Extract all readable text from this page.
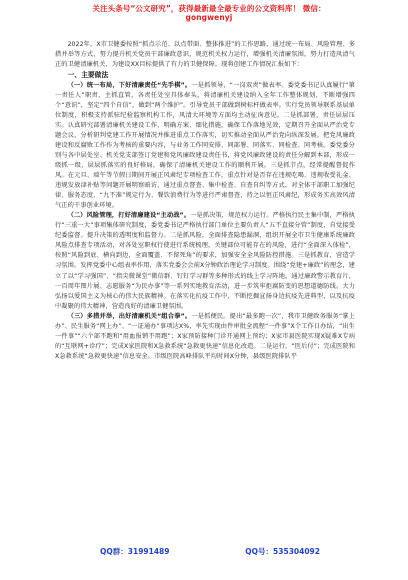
关注头条号“公文研究”，获得最新最全最专业的公文资料库！ 微信：gongwenyj

2022年，X市卫健委按照“抓点示范、以点带面、整体推进”的工作思路，通过统一布局、风险管理、多措并举等方式，努力提升机关党员干部廉政意识，规范机关权力运行，增强机关清廉氛围，努力打造风清气正的卫健清廉机关，为建设XX目标提供了有力的卫健保障。现将创建工作情况汇报如下：

一、主要做法

（一）统一布局，下好清廉责任“先手棋”。一是抓领导，“一岗双责”做表率。委党委书记认真履行“第一责任人”职责，主抓直管，各责任处室具体奉头，将清廉机关建设纳入全年工作整体规划，不断增强四个“意识”，坚定“四个自信”，做到“两个维护”。引导党员干部做到树标杆做表率。实行党员领导联系基层单位制度，积极支持派驻纪检监察机构工作，风清大环境等方面均主动征询意见。二是抓部署，责任层层压实。认真研究部署清廉机关建设工作，明确方案、细化措施，确保工作落地见效，定期召开全面从严治党专题会议，分析研判党建工作开展情况并推进重点工作落实，切实推动全面从严治党向纵深发展。把党风廉政建设和反腐败工作作为考核的重要内容，与业务工作同安排、同部署、同落实、同检查、同考核。委党委分别与各中层处室、机关党支部签订党建和党风廉政建设责任书，将党风廉政建设的责任分解到本部，形成一级抓一级、层层抓落实的良好格局，确保了清廉机关建设工作的顺利开展。三是抓节点，经常提醒督促作风。在元旦、端午等节假日期间开展正风肃纪专项检查工作，重点针对是否存在违规吃喝、违规收受礼金、违规发放津补贴等问题开展明察暗访，通过重点督查、集中检查、自查自纠等方式，对全体干部职工加强纪律、服务态度、“九不准”规定行为、餐饮浪费行为等进行严肃督查，持之以恒正风肃纪，形成务实高效风清气正的干事创业环境。

（二）风险管理，打好清廉建设“主动战”。一是抓决策，规范权力运行。严格执行民主集中制，严格执行“三重一大”事项集体研究制度，委党委书记严格执行部门单位主要负责人“五不直接分管”制度，自觉接受纪委监督。提升决策的透明度和监督力。二是抓风险，全面排查隐患漏洞，组织开展全市卫生健康系统廉政风险点排查专项活动，对各处室职权行使进行系统梳理，关键部位可能存在的风险，进行“全面深入体检”，按照“风险到底、横向到边，全面覆盖、不留死角”的要求，加强安全全风险防控措施。三是抓教育，营造学习氛围。发挥党委中心组表率作用，落实党委会会前X分钟政治理论学习制度。围绕“党建+廉政”的理念，建立了以“学习强国”、“指尖微课堂”微信群、钉钉学习群等多种形式的线上学习阵地，通过廉政警示教育片，一百周年图片展、志愿服务“为民办事”等一系列实地教育活动，进一步筑牢拒腐防变的思想道德防线。大力弘扬以爱国主义为核心的伟大民族精神。在落实化抗疫工作中，不断挖掘宣扬身边抗疫先进典型，以及抗疫中凝聚的伟大精神，营造良好的清廉卫健氛围。

（三）多措并举，出好清廉机关“组合拳”。一是抓便民。提出“最多跑一次”，我市卫健政务服务“掌上办”、民生服务“网上办”、“一证通办”事项达X%，率先实现由件审批全流程“一件事”X个工作日办结，“出生一件事”“六个部不跑和“用血报销不用跑”；X家预防接种门诊开通网上预约；X家市县医院实现X疑难X专病的“互联网+诊疗”；完成X家医院和X急救系统“急救更快速”信息化改造。二是运行，“医后付”；完成医院和X急救系统“急救更快速”信息安全。市级医院高峰排队平均时间X分钟，县级医院排队平

QQ群：31991489	QQ号：535304092
